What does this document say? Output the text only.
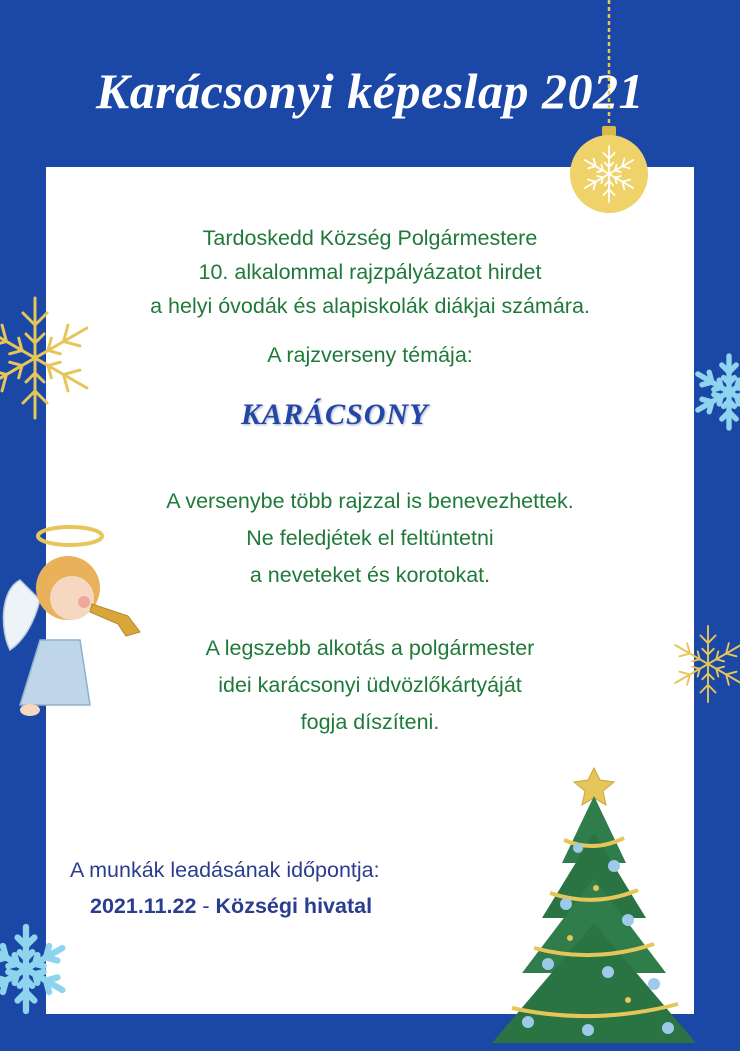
Karácsonyi képeslap 2021

Tardoskedd Község Polgármestere

10. alkalommal rajzpályázatot hirdet

a helyi óvodák és alapiskolák diákjai számára.

A rajzverseny témája:

KARÁCSONY

A versenybe több rajzzal is benevezhettek.

Ne feledjétek el feltüntetni

a neveteket és korotokat.

A legszebb alkotás a polgármester

idei karácsonyi üdvözlőkártyáját

fogja díszíteni.

A munkák leadásának időpontja:
2021.11.22 - Községi hivatal
